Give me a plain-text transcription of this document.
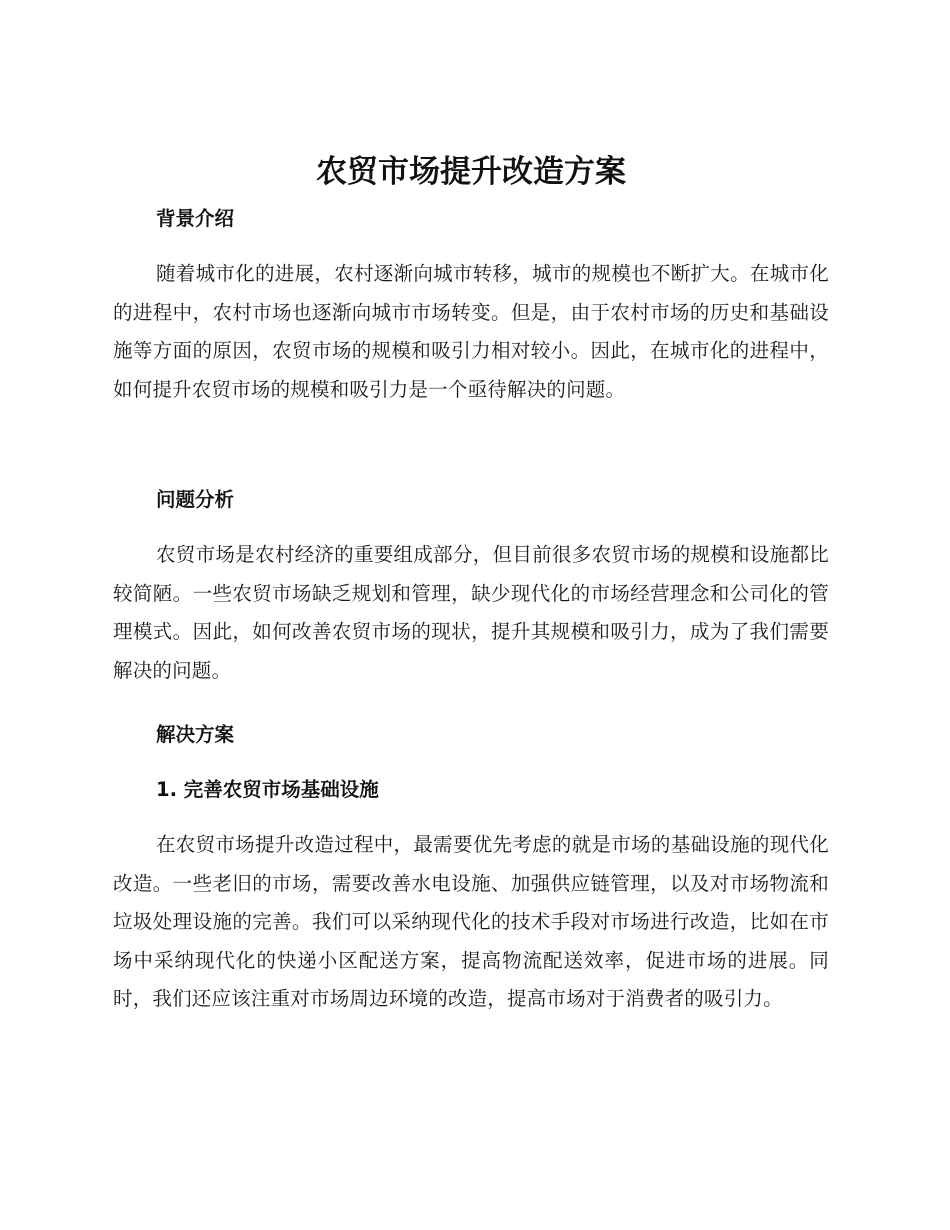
农贸市场提升改造方案
背景介绍

随着城市化的进展，农村逐渐向城市转移，城市的规模也不断扩大。在城市化的进程中，农村市场也逐渐向城市市场转变。但是，由于农村市场的历史和基础设施等方面的原因，农贸市场的规模和吸引力相对较小。因此，在城市化的进程中，如何提升农贸市场的规模和吸引力是一个亟待解决的问题。

问题分析

农贸市场是农村经济的重要组成部分，但目前很多农贸市场的规模和设施都比较简陋。一些农贸市场缺乏规划和管理，缺少现代化的市场经营理念和公司化的管理模式。因此，如何改善农贸市场的现状，提升其规模和吸引力，成为了我们需要解决的问题。

解决方案
1. 完善农贸市场基础设施

在农贸市场提升改造过程中，最需要优先考虑的就是市场的基础设施的现代化改造。一些老旧的市场，需要改善水电设施、加强供应链管理，以及对市场物流和垃圾处理设施的完善。我们可以采纳现代化的技术手段对市场进行改造，比如在市场中采纳现代化的快递小区配送方案，提高物流配送效率，促进市场的进展。同时，我们还应该注重对市场周边环境的改造，提高市场对于消费者的吸引力。
